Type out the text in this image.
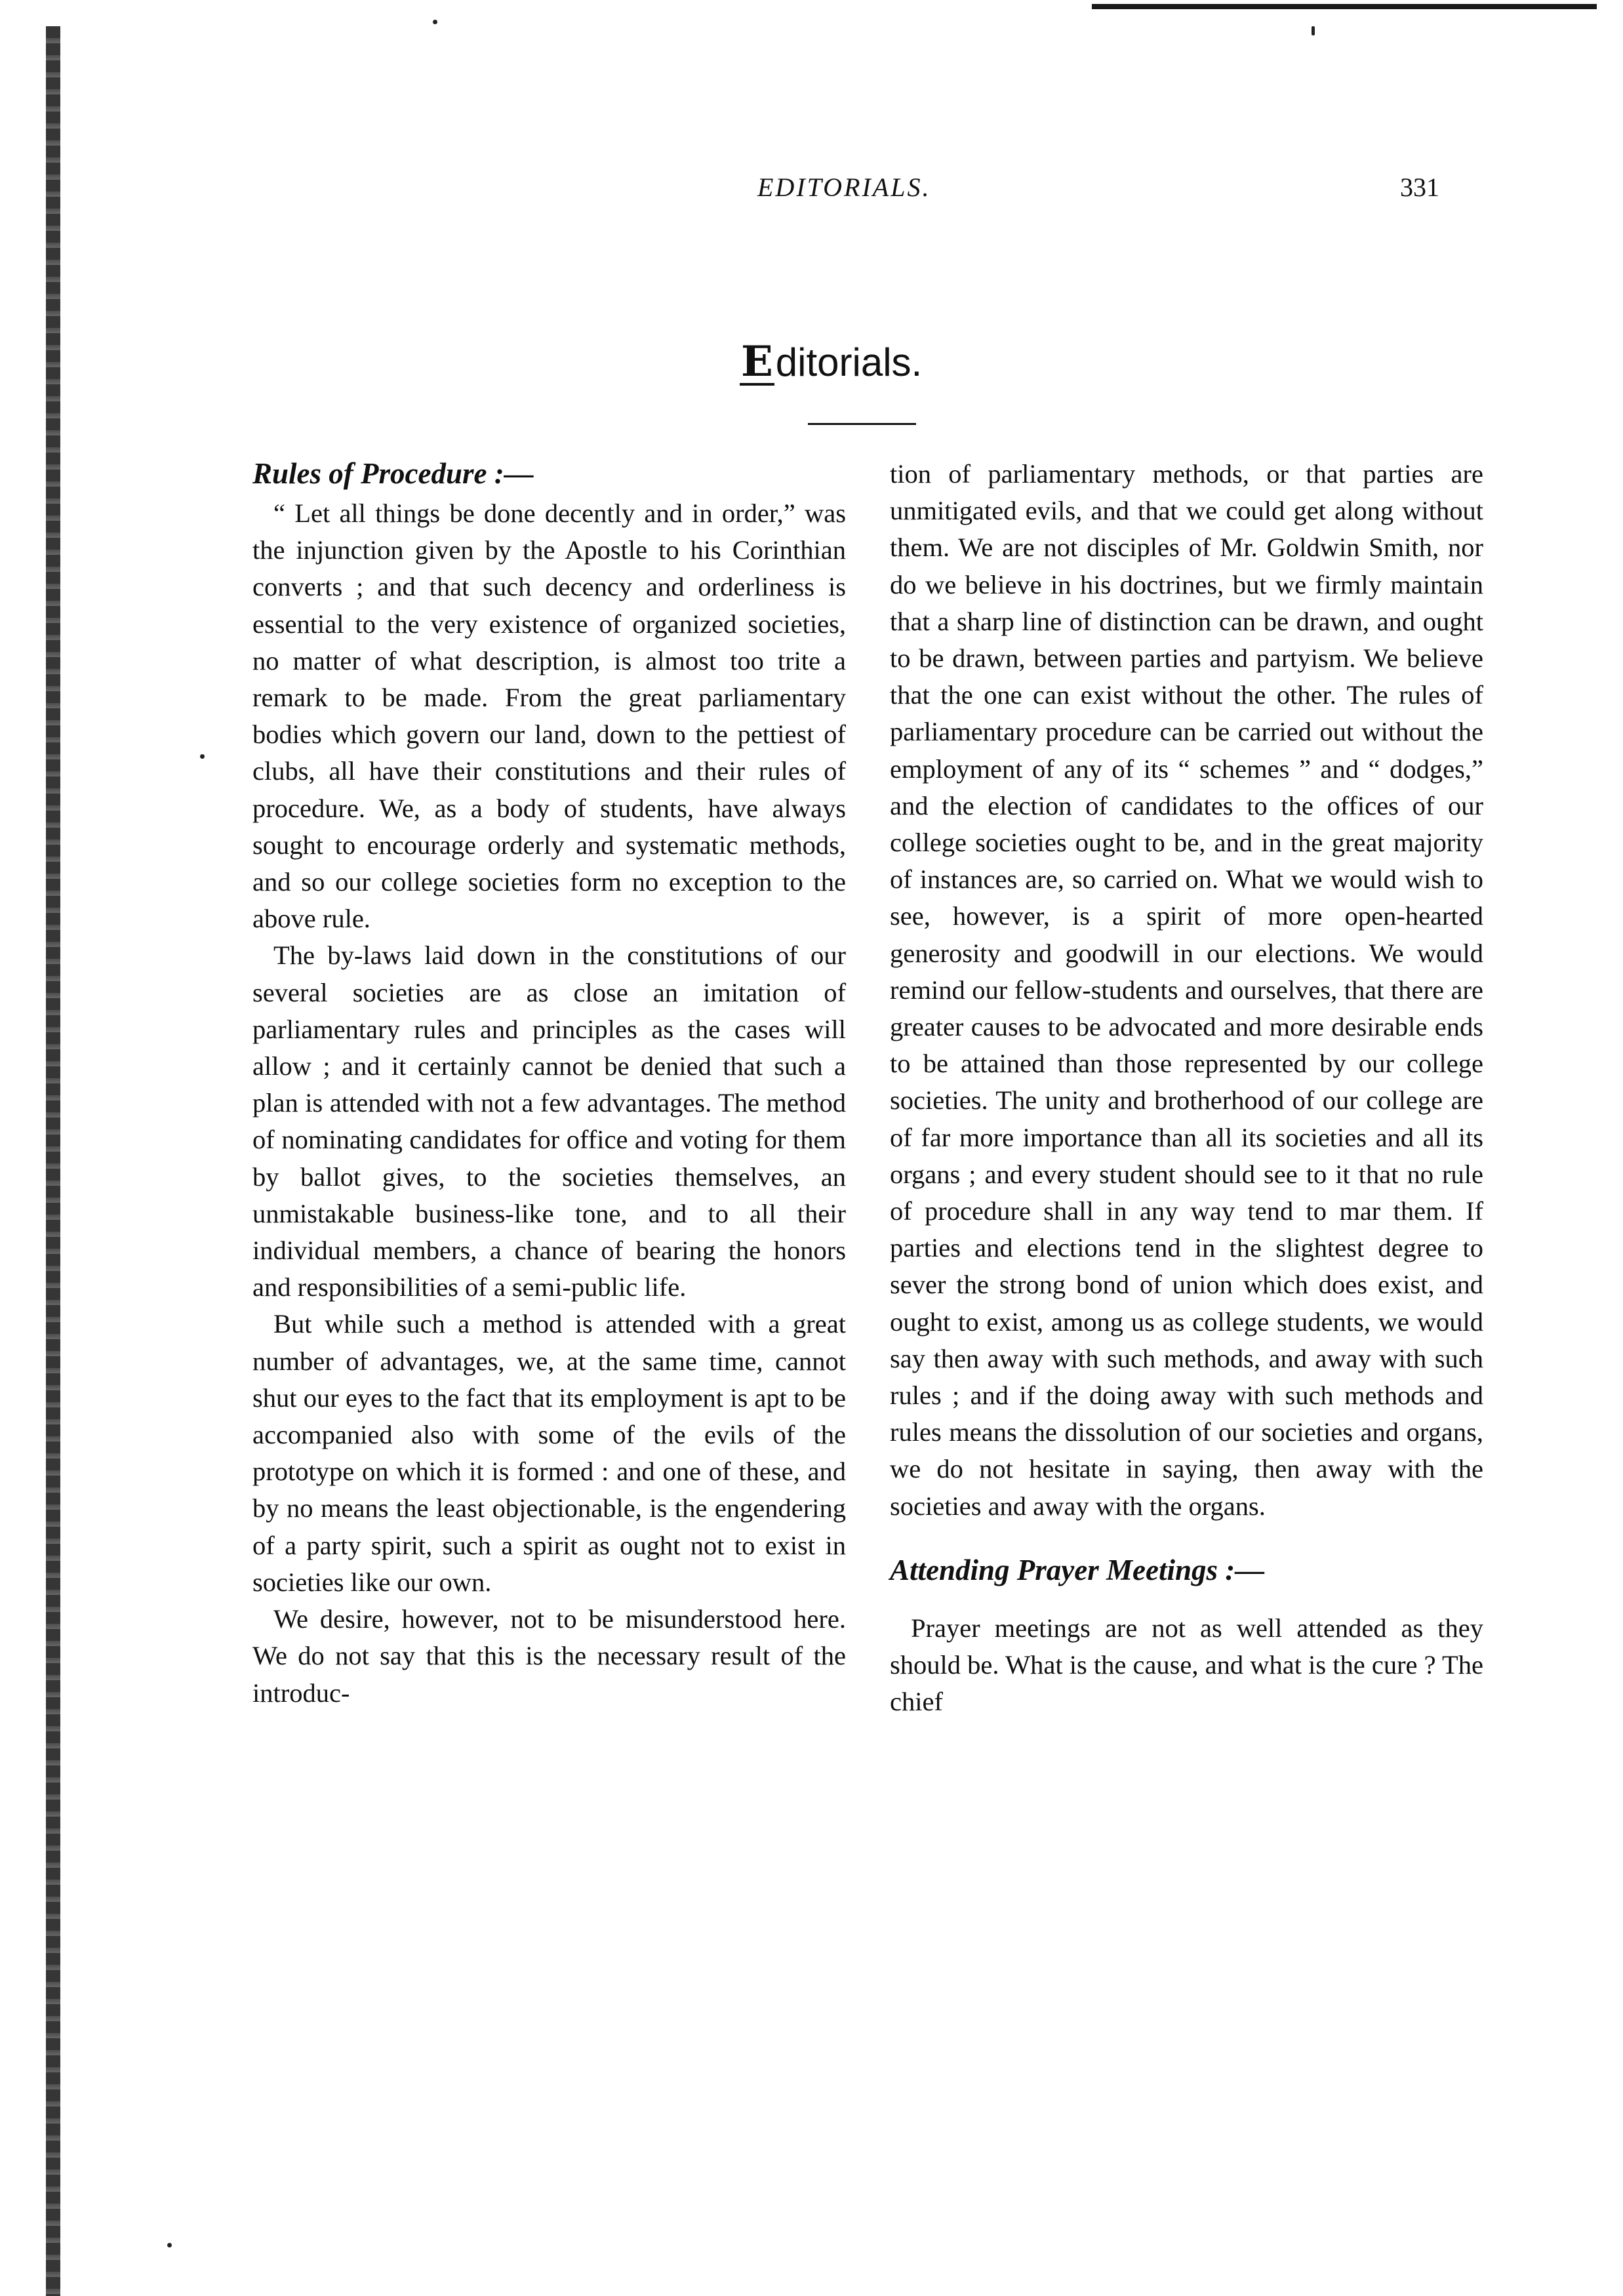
EDITORIALS.	331
Editorials.
Rules of Procedure :—

“ Let all things be done decently and in order,” was the injunction given by the Apostle to his Corinthian converts ; and that such decency and orderliness is essential to the very existence of organized societies, no matter of what description, is almost too trite a remark to be made. From the great parliamentary bodies which govern our land, down to the pettiest of clubs, all have their constitutions and their rules of procedure. We, as a body of students, have always sought to encourage orderly and systematic methods, and so our college societies form no exception to the above rule.

The by-laws laid down in the constitutions of our several societies are as close an imitation of parliamentary rules and principles as the cases will allow ; and it certainly cannot be denied that such a plan is attended with not a few advantages. The method of nominating candidates for office and voting for them by ballot gives, to the societies themselves, an unmistakable business-like tone, and to all their individual members, a chance of bearing the honors and responsibilities of a semi-public life.

But while such a method is attended with a great number of advantages, we, at the same time, cannot shut our eyes to the fact that its employment is apt to be accompanied also with some of the evils of the prototype on which it is formed : and one of these, and by no means the least objectionable, is the engendering of a party spirit, such a spirit as ought not to exist in societies like our own.

We desire, however, not to be misunderstood here. We do not say that this is the necessary result of the introduc-

tion of parliamentary methods, or that parties are unmitigated evils, and that we could get along without them. We are not disciples of Mr. Goldwin Smith, nor do we believe in his doctrines, but we firmly maintain that a sharp line of distinction can be drawn, and ought to be drawn, between parties and partyism. We believe that the one can exist without the other. The rules of parliamentary procedure can be carried out without the employment of any of its “ schemes ” and “ dodges,” and the election of candidates to the offices of our college societies ought to be, and in the great majority of instances are, so carried on. What we would wish to see, however, is a spirit of more open-hearted generosity and goodwill in our elections. We would remind our fellow-students and ourselves, that there are greater causes to be advocated and more desirable ends to be attained than those represented by our college societies. The unity and brotherhood of our college are of far more importance than all its societies and all its organs ; and every student should see to it that no rule of procedure shall in any way tend to mar them. If parties and elections tend in the slightest degree to sever the strong bond of union which does exist, and ought to exist, among us as college students, we would say then away with such methods, and away with such rules ; and if the doing away with such methods and rules means the dissolution of our societies and organs, we do not hesitate in saying, then away with the societies and away with the organs.

Attending Prayer Meetings :—

Prayer meetings are not as well attended as they should be. What is the cause, and what is the cure ? The chief
